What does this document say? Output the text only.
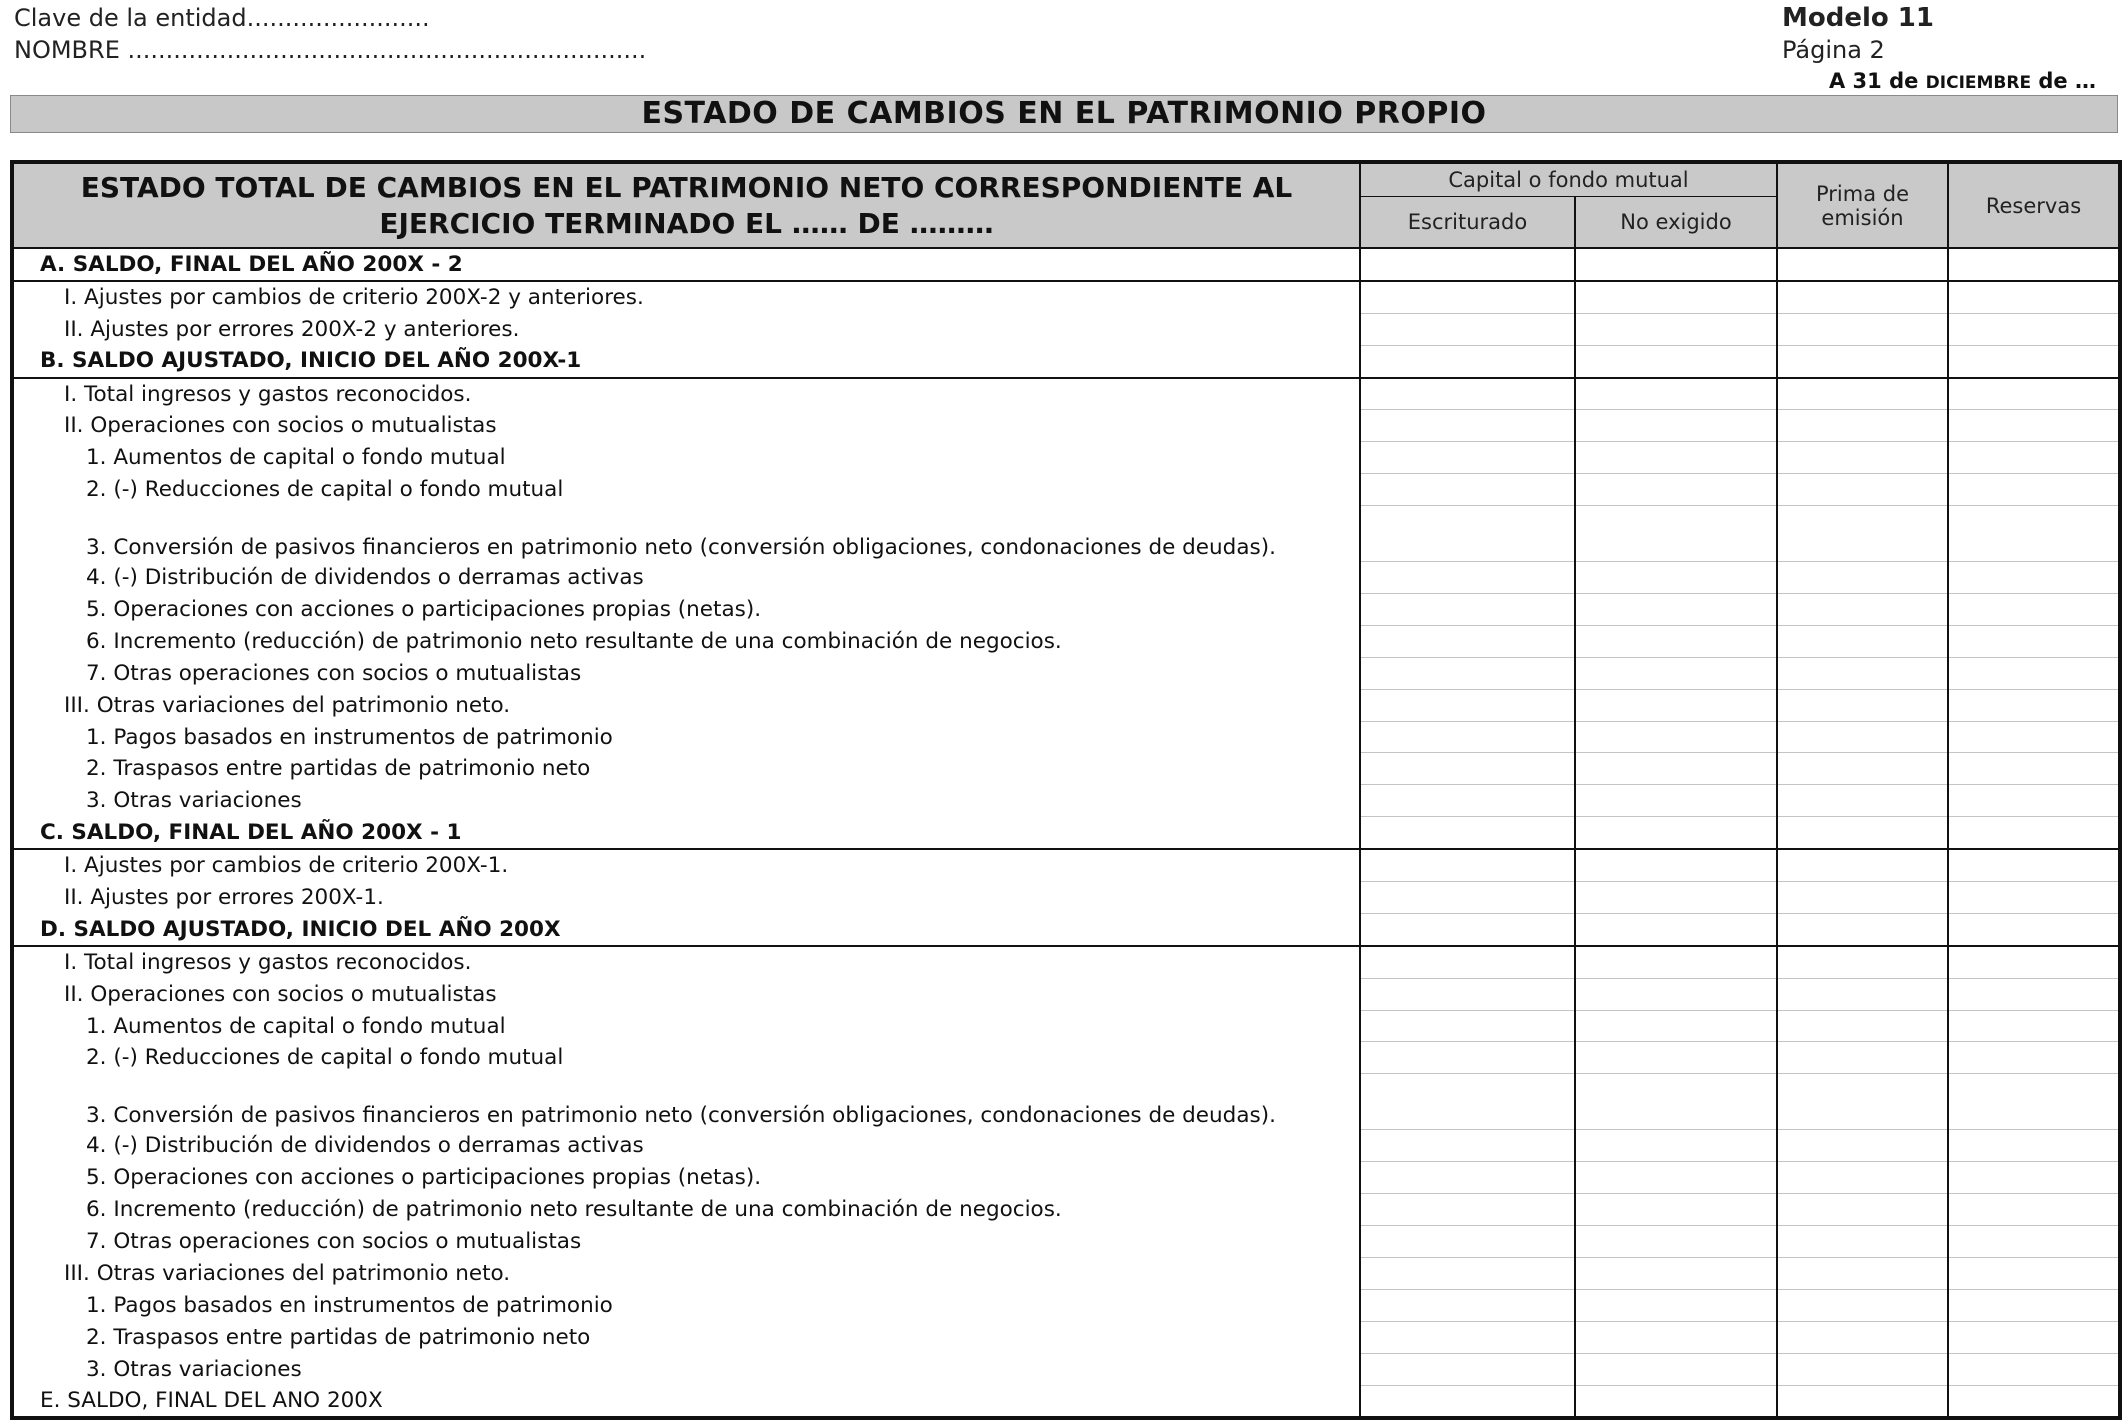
Clave de la entidad........................
NOMBRE ....................................................................
Modelo 11
Página 2
A 31 de DICIEMBRE de …
ESTADO DE CAMBIOS EN EL PATRIMONIO PROPIO
ESTADO TOTAL DE CAMBIOS EN EL PATRIMONIO NETO CORRESPONDIENTE AL EJERCICIO TERMINADO EL …… DE ………	Capital o fondo mutual		Prima de emisión	Reservas
	Escriturado	No exigido		
A. SALDO, FINAL DEL AÑO 200X - 2				
I. Ajustes por cambios de criterio 200X-2 y anteriores.				
II. Ajustes por errores 200X-2 y anteriores.				
B. SALDO AJUSTADO, INICIO DEL AÑO 200X-1				
I. Total ingresos y gastos reconocidos.				
II. Operaciones con socios o mutualistas				
1. Aumentos de capital o fondo mutual				
2. (-) Reducciones de capital o fondo mutual				
3. Conversión de pasivos financieros en patrimonio neto (conversión obligaciones, condonaciones de deudas).				
4. (-) Distribución de dividendos o derramas activas				
5. Operaciones con acciones o participaciones propias (netas).				
6. Incremento (reducción) de patrimonio neto resultante de una combinación de negocios.				
7. Otras operaciones con socios o mutualistas				
III. Otras variaciones del patrimonio neto.				
1. Pagos basados en instrumentos de patrimonio				
2. Traspasos entre partidas de patrimonio neto				
3. Otras variaciones				
C. SALDO, FINAL DEL AÑO 200X - 1				
I. Ajustes por cambios de criterio 200X-1.				
II. Ajustes por errores 200X-1.				
D. SALDO AJUSTADO, INICIO DEL AÑO 200X				
I. Total ingresos y gastos reconocidos.				
II. Operaciones con socios o mutualistas				
1. Aumentos de capital o fondo mutual				
2. (-) Reducciones de capital o fondo mutual				
3. Conversión de pasivos financieros en patrimonio neto (conversión obligaciones, condonaciones de deudas).				
4. (-) Distribución de dividendos o derramas activas				
5. Operaciones con acciones o participaciones propias (netas).				
6. Incremento (reducción) de patrimonio neto resultante de una combinación de negocios.				
7. Otras operaciones con socios o mutualistas				
III. Otras variaciones del patrimonio neto.				
1. Pagos basados en instrumentos de patrimonio				
2. Traspasos entre partidas de patrimonio neto				
3. Otras variaciones				
E. SALDO, FINAL DEL ANO 200X				
